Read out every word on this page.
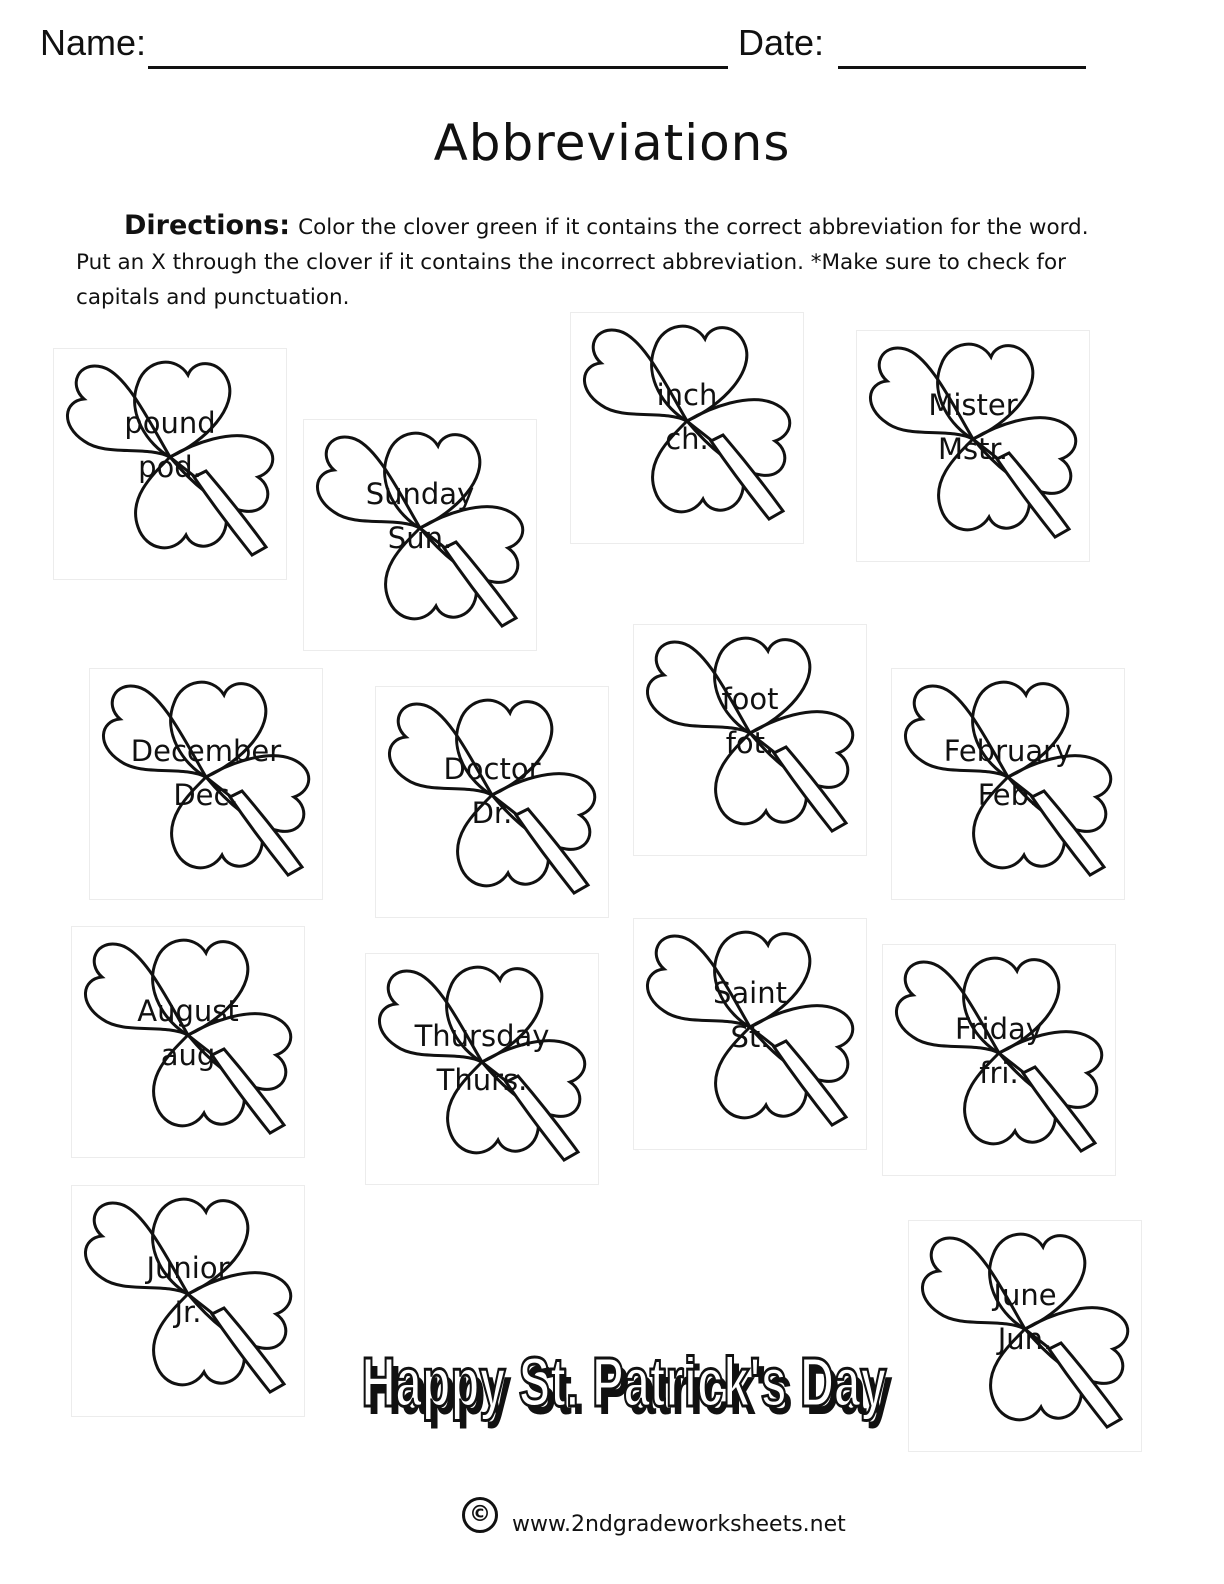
Name:	Date:
Abbreviations
Directions: Color the clover green if it contains the correct abbreviation for the word. Put an X through the clover if it contains the incorrect abbreviation. *Make sure to check for capitals and punctuation.
pound
pod.
Sunday
Sun.
inch
ch.
Mister
Mstr.
December
Dec.
Doctor
Dr.
foot
fot.	February
Feb.
August
aug
Thursday
Thurs.
Saint
St.	Friday
fri.
Junior
Jr.	June
Jun.
Happy St. Patrick's Day
Happy St. Patrick's Day
© www.2ndgradeworksheets.net
